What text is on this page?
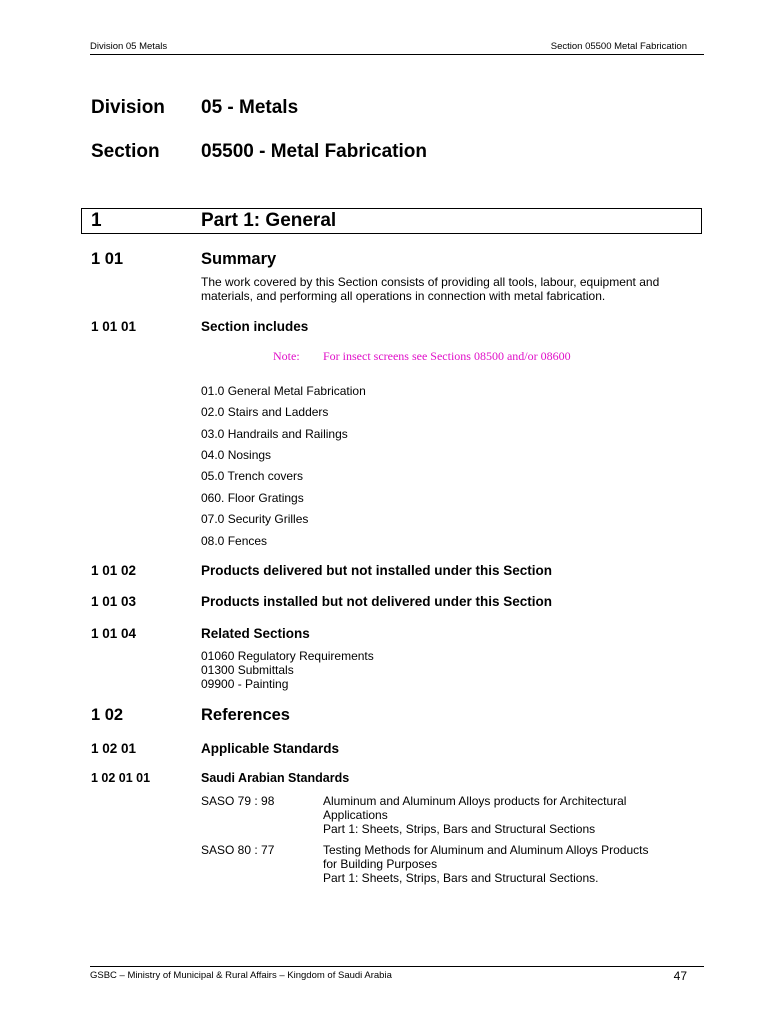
Division 05 Metals	Section 05500 Metal Fabrication
Division 05 - Metals
Section 05500 - Metal Fabrication
1	Part 1: General
1 01	Summary
The work covered by this Section consists of providing all tools, labour, equipment and
materials, and performing all operations in connection with metal fabrication.
1 01 01	Section includes
Note: For insect screens see Sections 08500 and/or 08600
01.0 General Metal Fabrication
02.0 Stairs and Ladders
03.0 Handrails and Railings
04.0 Nosings
05.0 Trench covers
060. Floor Gratings
07.0 Security Grilles
08.0 Fences
1 01 02	Products delivered but not installed under this Section
1 01 03	Products installed but not delivered under this Section
1 01 04	Related Sections
01060 Regulatory Requirements
01300 Submittals
09900 - Painting
1 02	References
1 02 01	Applicable Standards
1 02 01 01	Saudi Arabian Standards
SASO 79 : 98	Aluminum and Aluminum Alloys products for Architectural
Applications
Part 1: Sheets, Strips, Bars and Structural Sections
SASO 80 : 77	Testing Methods for Aluminum and Aluminum Alloys Products
for Building Purposes
Part 1: Sheets, Strips, Bars and Structural Sections.
GSBC – Ministry of Municipal & Rural Affairs – Kingdom of Saudi Arabia	47
